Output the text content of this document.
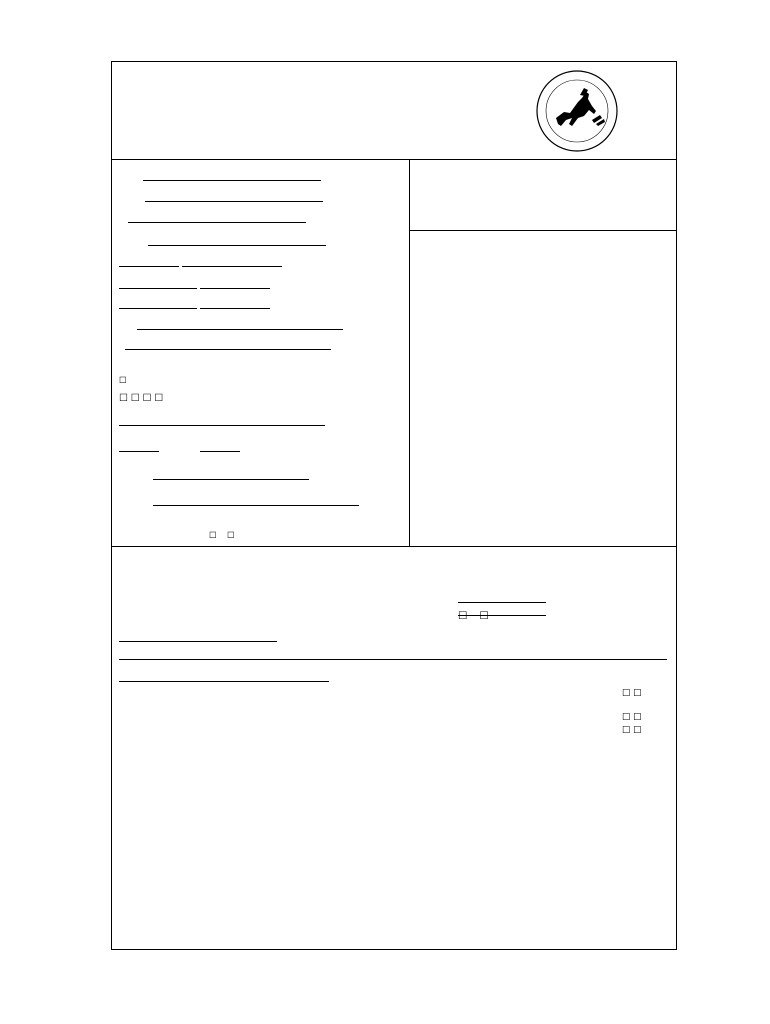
☐
☐ ☐ ☐ ☐

☐ ☐
☐ ☐
☐ ☐
☐ ☐
☐ ☐
